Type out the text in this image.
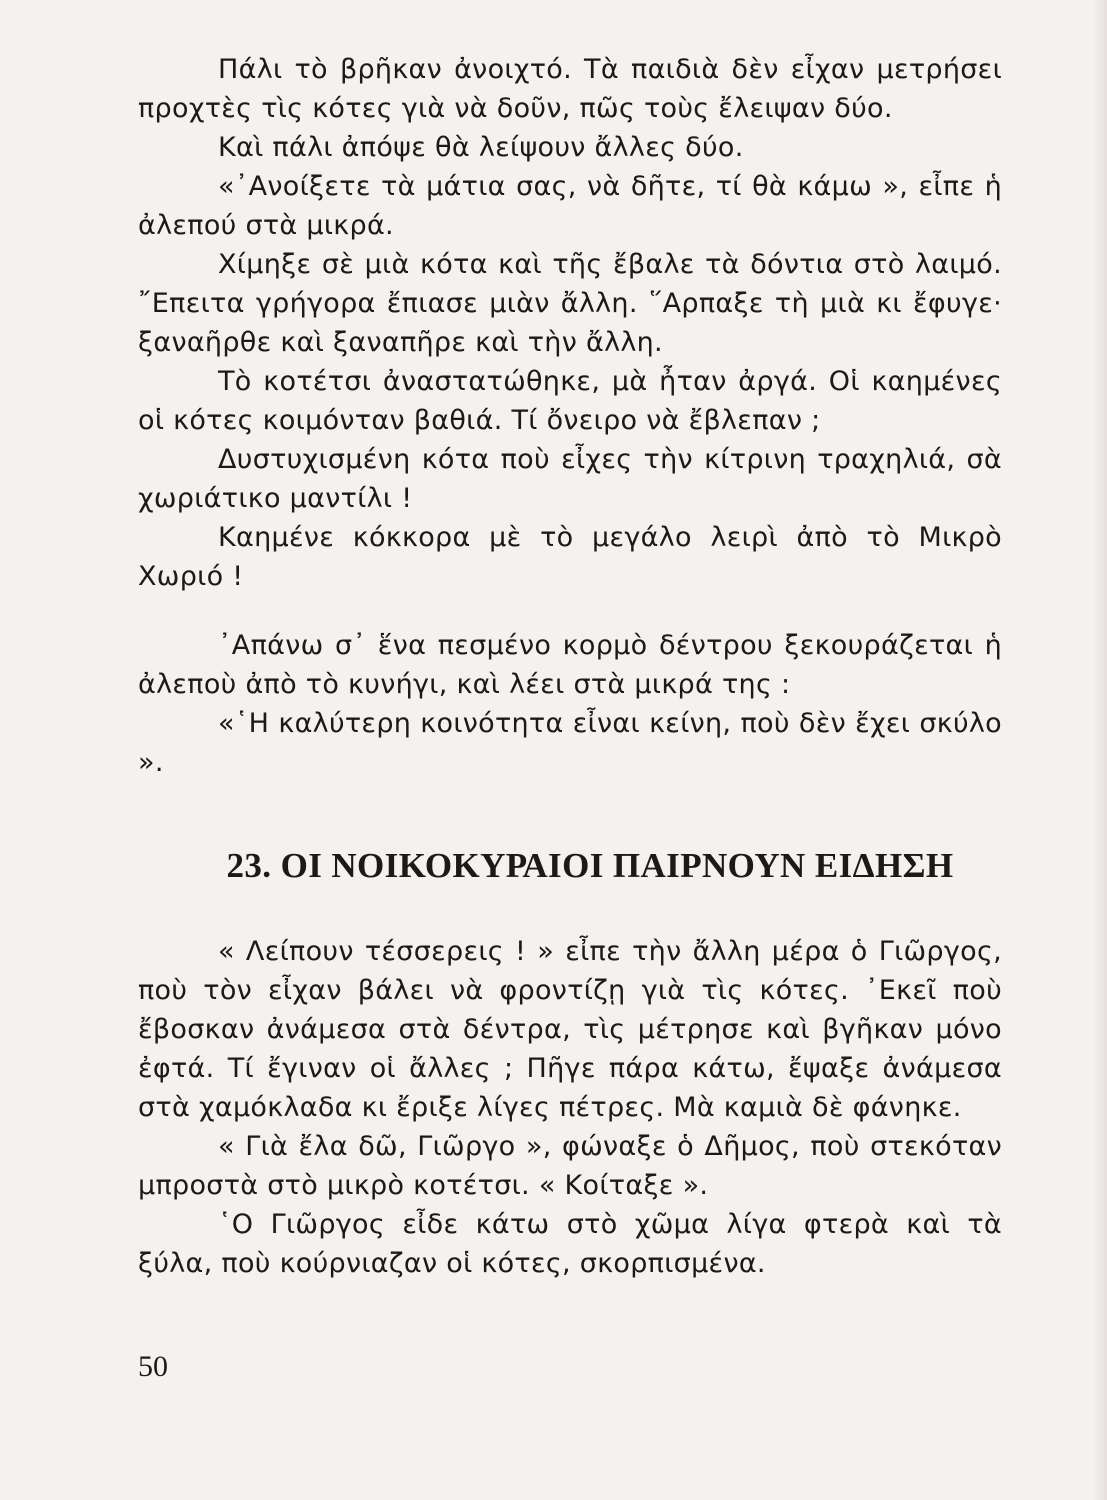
Πάλι τὸ βρῆκαν ἀνοιχτό. Τὰ παιδιὰ δὲν εἶχαν μετρήσει προχτὲς τὶς κότες γιὰ νὰ δοῦν, πῶς τοὺς ἔλειψαν δύο.

Καὶ πάλι ἀπόψε θὰ λείψουν ἄλλες δύο.

«᾽Ανοίξετε τὰ μάτια σας, νὰ δῆτε, τί θὰ κάμω », εἶπε ἡ ἀλεπού στὰ μικρά.

Χίμηξε σὲ μιὰ κότα καὶ τῆς ἔβαλε τὰ δόντια στὸ λαιμό. ῎Επειτα γρήγορα ἔπιασε μιὰν ἄλλη. ῞Αρπαξε τὴ μιὰ κι ἔφυγε· ξαναῆρθε καὶ ξαναπῆρε καὶ τὴν ἄλλη.

Τὸ κοτέτσι ἀναστατώθηκε, μὰ ἦταν ἀργά. Οἱ καημένες οἱ κότες κοιμόνταν βαθιά. Τί ὄνειρο νὰ ἔβλεπαν ;

Δυστυχισμένη κότα ποὺ εἶχες τὴν κίτρινη τραχηλιά, σὰ χωριάτικο μαντίλι !

Καημένε κόκκορα μὲ τὸ μεγάλο λειρὶ ἀπὸ τὸ Μικρὸ Χωριό !

᾽Απάνω σ᾽ ἕνα πεσμένο κορμὸ δέντρου ξεκουράζεται ἡ ἀλεποὺ ἀπὸ τὸ κυνήγι, καὶ λέει στὰ μικρά της :

«῾Η καλύτερη κοινότητα εἶναι κείνη, ποὺ δὲν ἔχει σκύλο ».

23. ΟΙ ΝΟΙΚΟΚΥΡΑΙΟΙ ΠΑΙΡΝΟΥΝ ΕΙΔΗΣΗ

« Λείπουν τέσσερεις ! » εἶπε τὴν ἄλλη μέρα ὁ Γιῶργος, ποὺ τὸν εἶχαν βάλει νὰ φροντίζῃ γιὰ τὶς κότες. ᾽Εκεῖ ποὺ ἔβοσκαν ἀνάμεσα στὰ δέντρα, τὶς μέτρησε καὶ βγῆκαν μόνο ἐφτά. Τί ἔγιναν οἱ ἄλλες ; Πῆγε πάρα κάτω, ἔψαξε ἀνάμεσα στὰ χαμόκλαδα κι ἔριξε λίγες πέτρες. Μὰ καμιὰ δὲ φάνηκε.

« Γιὰ ἔλα δῶ, Γιῶργο », φώναξε ὁ Δῆμος, ποὺ στεκόταν μπροστὰ στὸ μικρὸ κοτέτσι. « Κοίταξε ».

῾Ο Γιῶργος εἶδε κάτω στὸ χῶμα λίγα φτερὰ καὶ τὰ ξύλα, ποὺ κούρνιαζαν οἱ κότες, σκορπισμένα.

50
